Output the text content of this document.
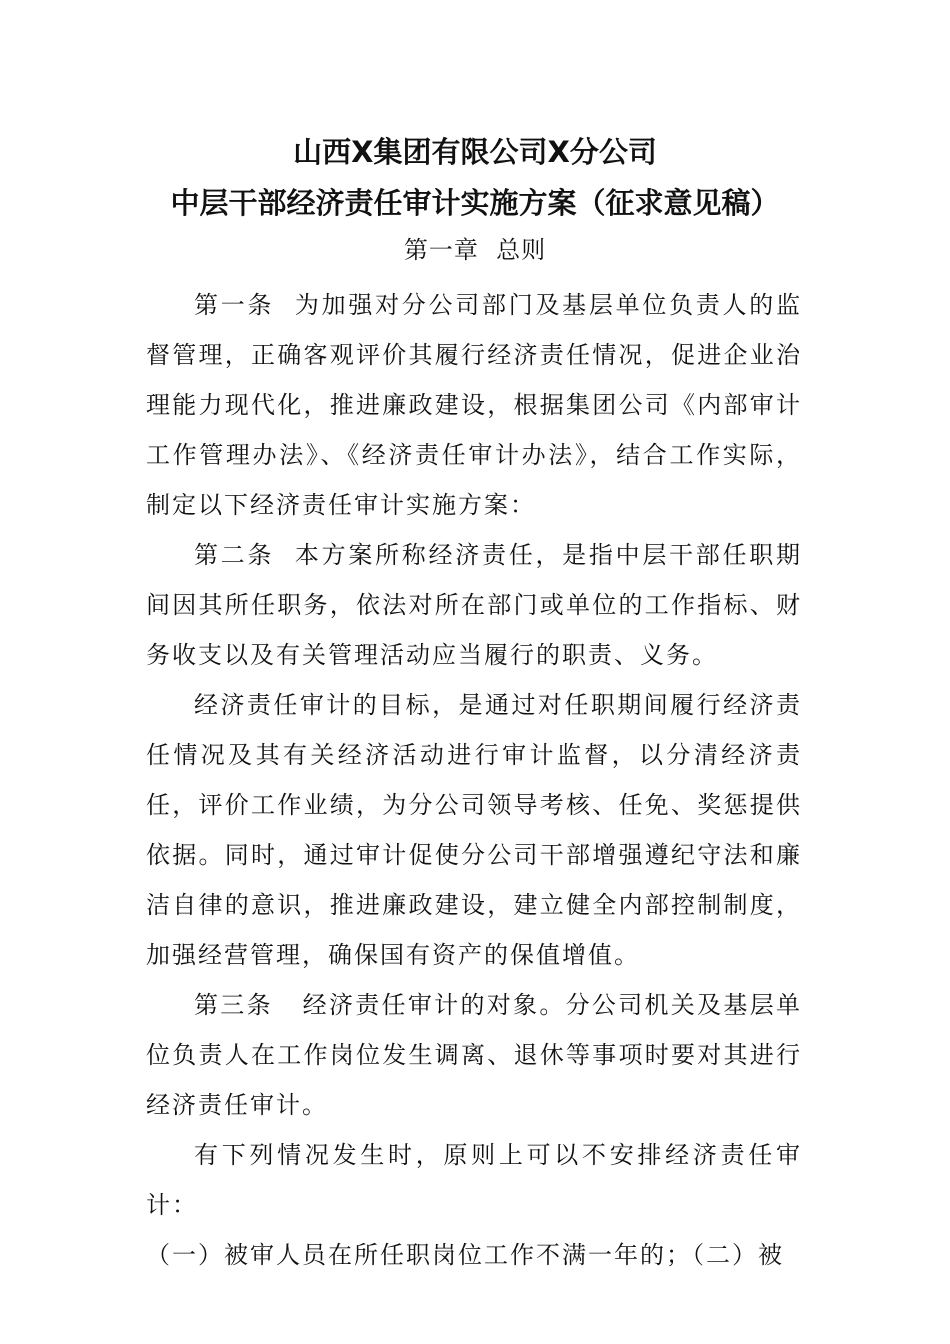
山西X集团有限公司X分公司
中层干部经济责任审计实施方案（征求意见稿）
第一章  总则

第一条  为加强对分公司部门及基层单位负责人的监督管理，正确客观评价其履行经济责任情况，促进企业治理能力现代化，推进廉政建设，根据集团公司《内部审计工作管理办法》、《经济责任审计办法》，结合工作实际，制定以下经济责任审计实施方案：

第二条  本方案所称经济责任，是指中层干部任职期间因其所任职务，依法对所在部门或单位的工作指标、财务收支以及有关管理活动应当履行的职责、义务。

经济责任审计的目标，是通过对任职期间履行经济责任情况及其有关经济活动进行审计监督，以分清经济责任，评价工作业绩，为分公司领导考核、任免、奖惩提供依据。同时，通过审计促使分公司干部增强遵纪守法和廉洁自律的意识，推进廉政建设，建立健全内部控制制度，加强经营管理，确保国有资产的保值增值。

第三条   经济责任审计的对象。分公司机关及基层单位负责人在工作岗位发生调离、退休等事项时要对其进行经济责任审计。

有下列情况发生时，原则上可以不安排经济责任审计：

（一）被审人员在所任职岗位工作不满一年的；（二）被
